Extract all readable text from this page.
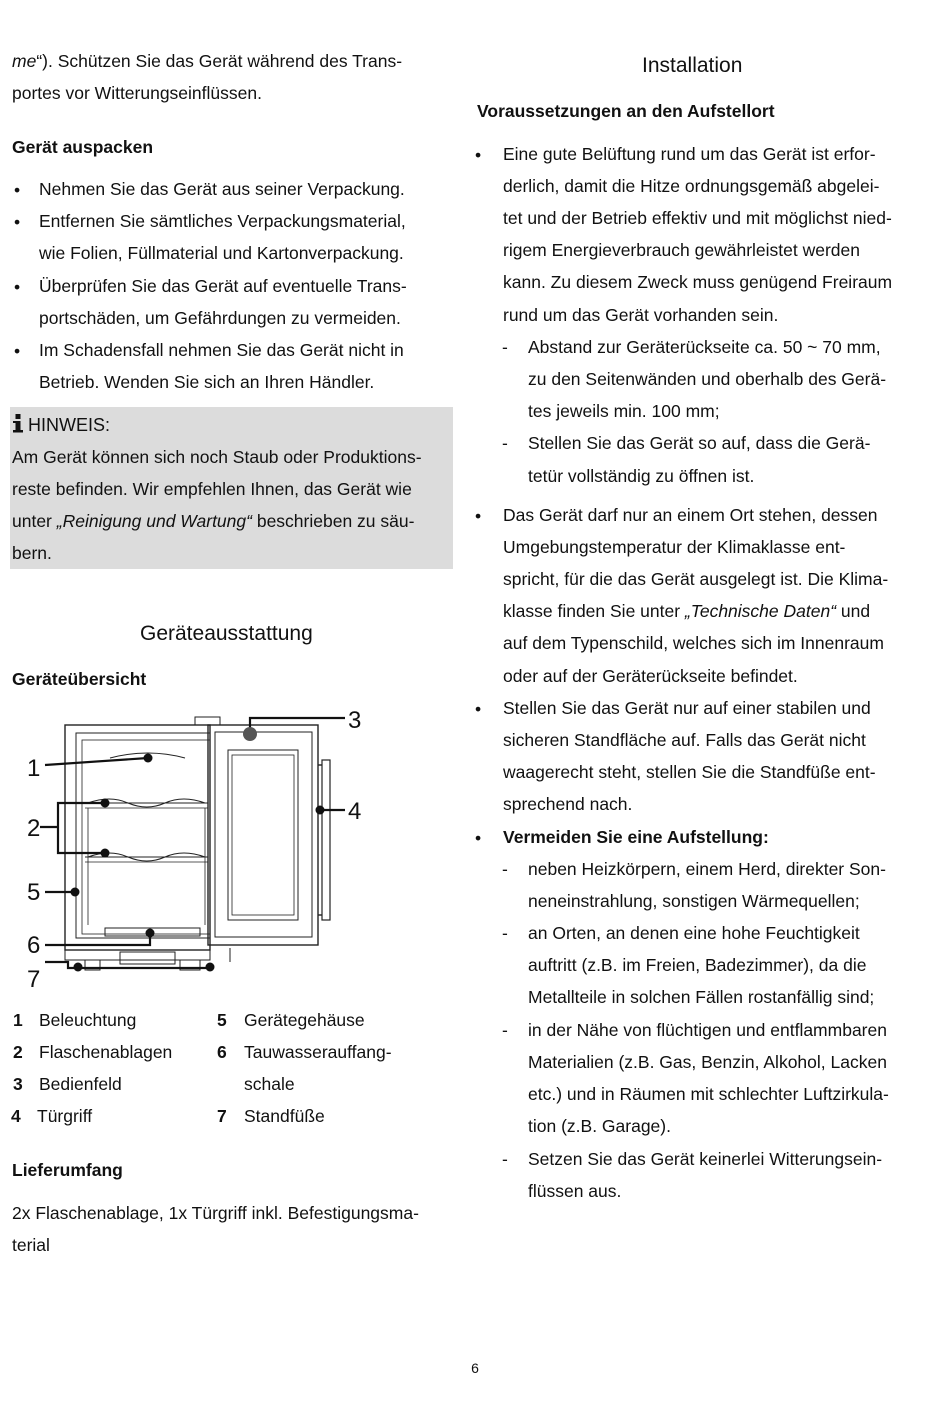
me“). Schützen Sie das Gerät während des Trans-
portes vor Witterungseinflüssen.
Gerät auspacken
• Nehmen Sie das Gerät aus seiner Verpackung.
• Entfernen Sie sämtliches Verpackungsmaterial,
wie Folien, Füllmaterial und Kartonverpackung.
• Überprüfen Sie das Gerät auf eventuelle Trans-
portschäden, um Gefährdungen zu vermeiden.
• Im Schadensfall nehmen Sie das Gerät nicht in
Betrieb. Wenden Sie sich an Ihren Händler.
HINWEIS:
Am Gerät können sich noch Staub oder Produktions-
reste befinden. Wir empfehlen Ihnen, das Gerät wie
unter „Reinigung und Wartung“ beschrieben zu säu-
bern.
Geräteausstattung
Geräteübersicht
1
2
3
4
5
6
7
1 Beleuchtung
2 Flaschenablagen
3 Bedienfeld
4 Türgriff
5 Gerätegehäuse
6 Tauwasserauffang-
schale
7 Standfüße
Lieferumfang
2x Flaschenablage, 1x Türgriff inkl. Befestigungsma-
terial
Installation
Voraussetzungen an den Aufstellort
• Eine gute Belüftung rund um das Gerät ist erfor-
derlich, damit die Hitze ordnungsgemäß abgelei-
tet und der Betrieb effektiv und mit möglichst nied-
rigem Energieverbrauch gewährleistet werden
kann. Zu diesem Zweck muss genügend Freiraum
rund um das Gerät vorhanden sein.
- Abstand zur Geräterückseite ca. 50 ~ 70 mm,
zu den Seitenwänden und oberhalb des Gerä-
tes jeweils min. 100 mm;
- Stellen Sie das Gerät so auf, dass die Gerä-
tetür vollständig zu öffnen ist.
• Das Gerät darf nur an einem Ort stehen, dessen
Umgebungstemperatur der Klimaklasse ent-
spricht, für die das Gerät ausgelegt ist. Die Klima-
klasse finden Sie unter „Technische Daten“ und
auf dem Typenschild, welches sich im Innenraum
oder auf der Geräterückseite befindet.
• Stellen Sie das Gerät nur auf einer stabilen und
sicheren Standfläche auf. Falls das Gerät nicht
waagerecht steht, stellen Sie die Standfüße ent-
sprechend nach.
• Vermeiden Sie eine Aufstellung:
- neben Heizkörpern, einem Herd, direkter Son-
neneinstrahlung, sonstigen Wärmequellen;
- an Orten, an denen eine hohe Feuchtigkeit
auftritt (z.B. im Freien, Badezimmer), da die
Metallteile in solchen Fällen rostanfällig sind;
- in der Nähe von flüchtigen und entflammbaren
Materialien (z.B. Gas, Benzin, Alkohol, Lacken
etc.) und in Räumen mit schlechter Luftzirkula-
tion (z.B. Garage).
- Setzen Sie das Gerät keinerlei Witterungsein-
flüssen aus.
6
